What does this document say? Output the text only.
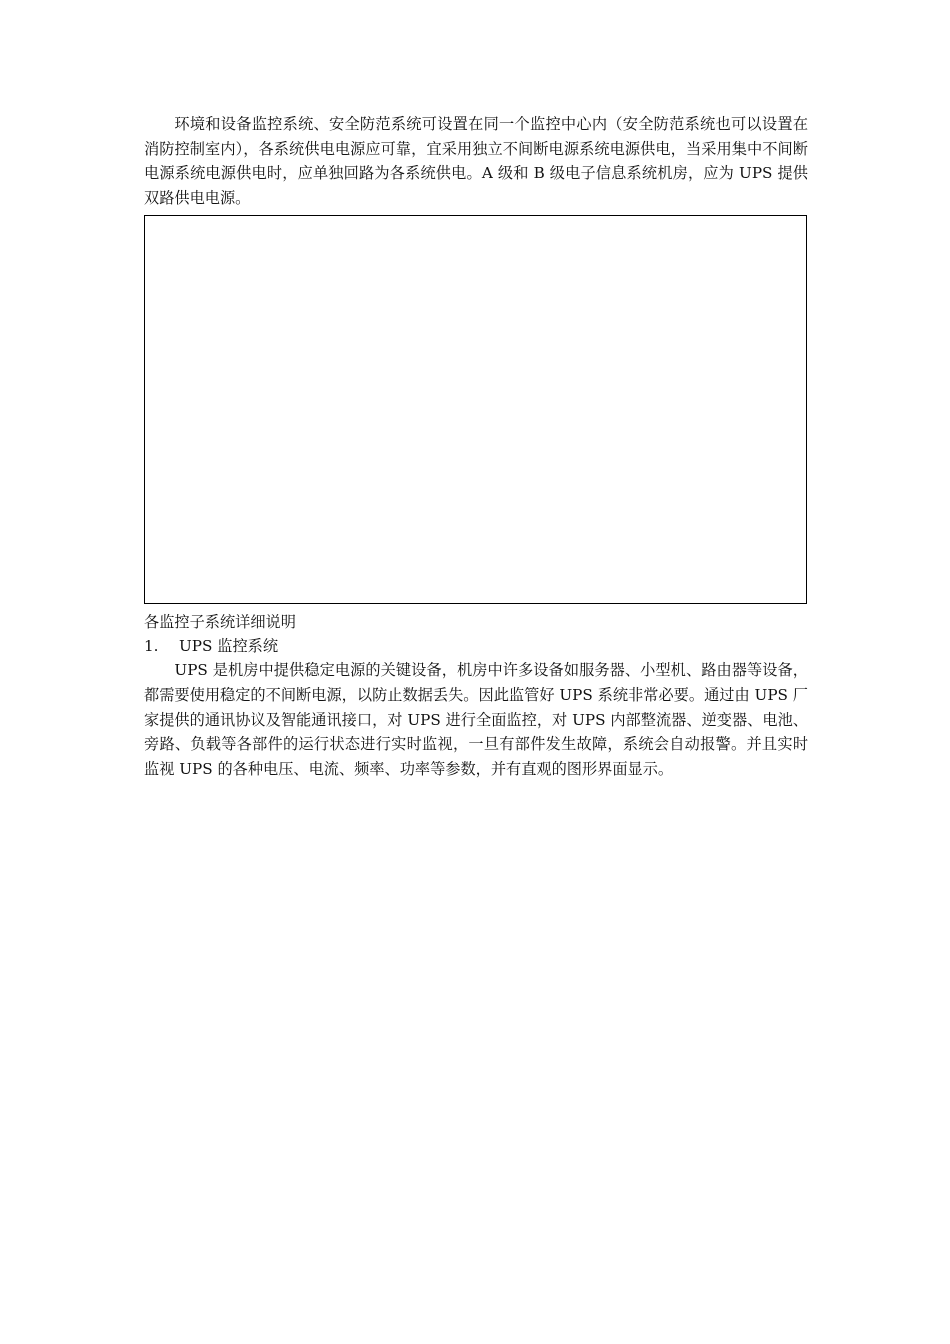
环境和设备监控系统、安全防范系统可设置在同一个监控中心内（安全防范系统也可以设置在消防控制室内），各系统供电电源应可靠，宜采用独立不间断电源系统电源供电，当采用集中不间断电源系统电源供电时，应单独回路为各系统供电。A 级和 B 级电子信息系统机房，应为 UPS 提供双路供电电源。

各监控子系统详细说明

1.	UPS 监控系统

UPS 是机房中提供稳定电源的关键设备，机房中许多设备如服务器、小型机、路由器等设备，都需要使用稳定的不间断电源，以防止数据丢失。因此监管好 UPS 系统非常必要。通过由 UPS 厂家提供的通讯协议及智能通讯接口，对 UPS 进行全面监控，对 UPS 内部整流器、逆变器、电池、旁路、负载等各部件的运行状态进行实时监视，一旦有部件发生故障，系统会自动报警。并且实时监视 UPS 的各种电压、电流、频率、功率等参数，并有直观的图形界面显示。
